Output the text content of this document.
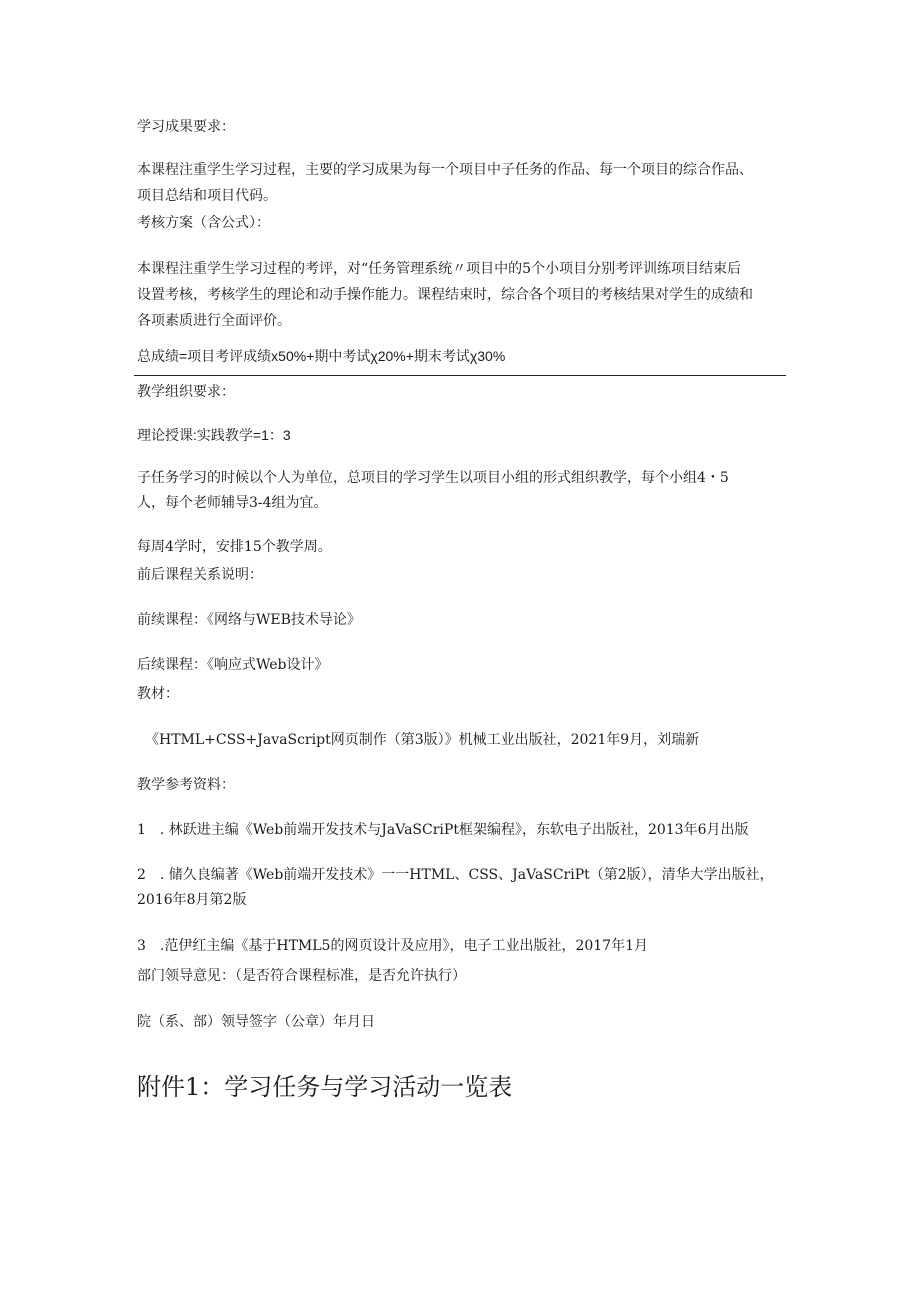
学习成果要求：
本课程注重学生学习过程，主要的学习成果为每一个项目中子任务的作品、每一个项目的综合作品、
项目总结和项目代码。
考核方案（含公式）：
本课程注重学生学习过程的考评，对“任务管理系统〃项目中的5个小项目分别考评训练项目结束后
设置考核，考核学生的理论和动手操作能力。课程结束时，综合各个项目的考核结果对学生的成绩和
各项素质进行全面评价。
总成绩=项目考评成绩x50%+期中考试χ20%+期末考试χ30%
教学组织要求：
理论授课:实践教学=1：3
子任务学习的时候以个人为单位，总项目的学习学生以项目小组的形式组织教学，每个小组4・5
人，每个老师辅导3-4组为宜。
每周4学时，安排15个教学周。
前后课程关系说明：
前续课程：《网络与WEB技术导论》
后续课程：《响应式Web设计》
教材：
《HTML+CSS+JavaScript网页制作（第3版）》机械工业出版社，2021年9月，刘瑞新
教学参考资料：
1　. 林跃进主编《Web前端开发技术与JaVaSCriPt框架编程》，东软电子出版社，2013年6月出版
2　. 储久良编著《Web前端开发技术》一一HTML、CSS、JaVaSCriPt（第2版），清华大学出版社，
2016年8月第2版
3　.范伊红主编《基于HTML5的网页设计及应用》，电子工业出版社，2017年1月
部门领导意见：（是否符合课程标准，是否允许执行）
院（系、部）领导签字（公章）年月日
附件1：学习任务与学习活动一览表
